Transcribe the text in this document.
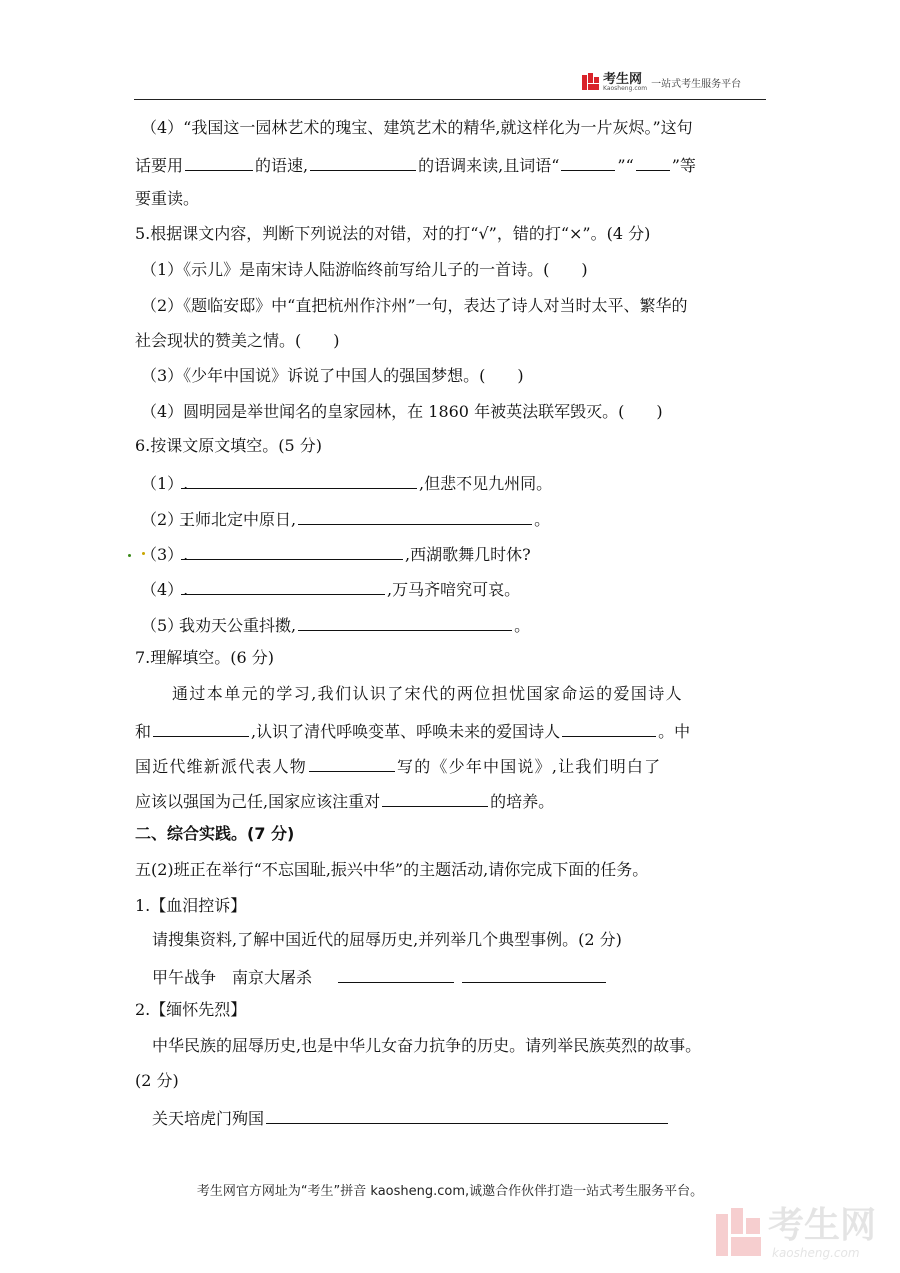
考生网
Kaosheng.com 一站式考生服务平台
（4）“我国这一园林艺术的瑰宝、建筑艺术的精华,就这样化为一片灰烬。”这句
话要用	的语速,	的语调来读,且词语“	”“ ”等
要重读。
5.根据课文内容，判断下列说法的对错，对的打“√”，错的打“×”。(4 分)
（1）《示儿》是南宋诗人陆游临终前写给儿子的一首诗。(　　)
（2）《题临安邸》中“直把杭州作汴州”一句，表达了诗人对当时太平、繁华的
社会现状的赞美之情。(　　)
（3）《少年中国说》诉说了中国人的强国梦想。(　　)
（4）圆明园是举世闻名的皇家园林，在 1860 年被英法联军毁灭。(　　)
6.按课文原文填空。(5 分)
（1）.	,但悲不见九州同。
（2）.王师北定中原日,	。
（3）.	,西湖歌舞几时休?
（4）.	,万马齐喑究可哀。
（5）.我劝天公重抖擞,	。
7.理解填空。(6 分)
通过本单元的学习,我们认识了宋代的两位担忧国家命运的爱国诗人
和	,认识了清代呼唤变革、呼唤未来的爱国诗人	。中
国近代维新派代表人物	写的《少年中国说》,让我们明白了
应该以强国为己任,国家应该注重对	的培养。
二、综合实践。(7 分)
五(2)班正在举行“不忘国耻,振兴中华”的主题活动,请你完成下面的任务。
1.【血泪控诉】
请搜集资料,了解中国近代的屈辱历史,并列举几个典型事例。(2 分)
甲午战争 南京大屠杀
2.【缅怀先烈】
中华民族的屈辱历史,也是中华儿女奋力抗争的历史。请列举民族英烈的故事。
(2 分)
关天培虎门殉国
考生网官方网址为“考生”拼音 kaosheng.com,诚邀合作伙伴打造一站式考生服务平台。
考生网
kaosheng.com
